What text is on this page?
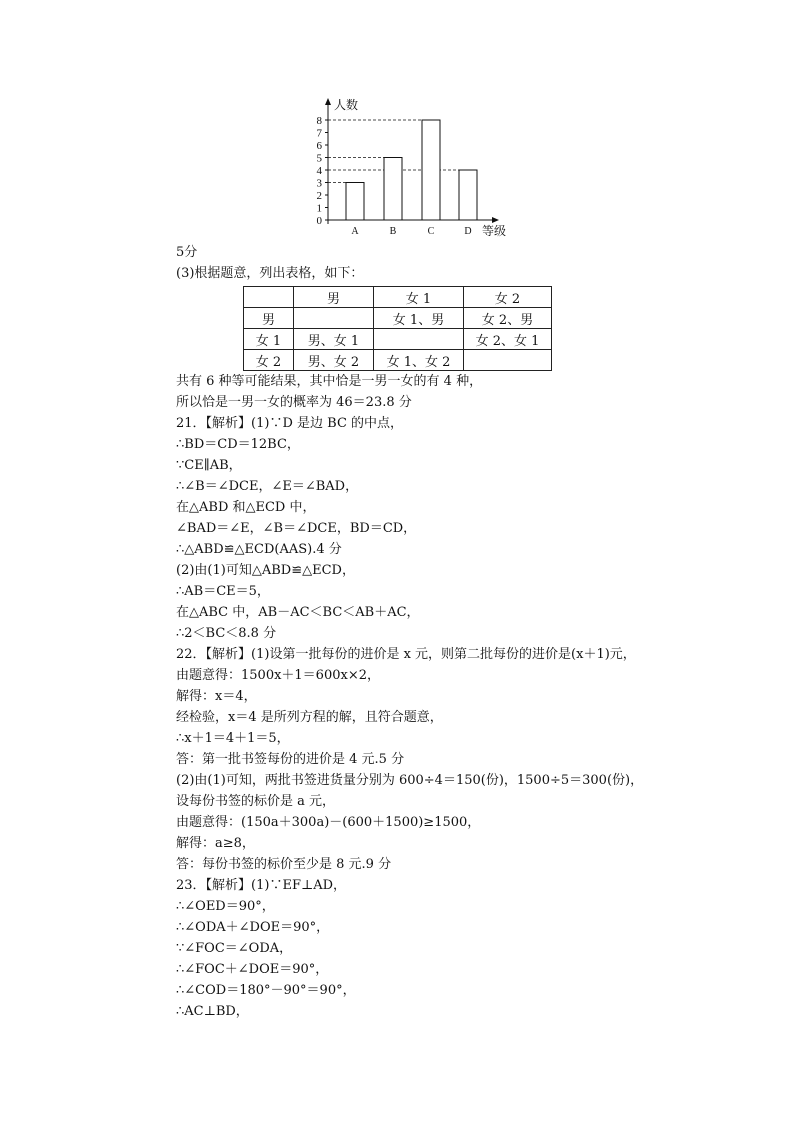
0
1
2
3
4
5
6
7
8
A	B	C	D
人数
等级
5分
(3)根据题意，列出表格，如下：
	男	女 1	女 2
男		女 1、男	女 2、男
女 1	男、女 1		女 2、女 1
女 2	男、女 2	女 1、女 2	
共有 6 种等可能结果，其中恰是一男一女的有 4 种，
所以恰是一男一女的概率为 46＝23.8 分
21．【解析】(1)∵D 是边 BC 的中点，
∴BD＝CD＝12BC，
∵CE∥AB，
∴∠B＝∠DCE，∠E＝∠BAD，
在△ABD 和△ECD 中，
∠BAD＝∠E，∠B＝∠DCE，BD＝CD，
∴△ABD≌△ECD(AAS).4 分
(2)由(1)可知△ABD≌△ECD，
∴AB＝CE＝5，
在△ABC 中，AB－AC＜BC＜AB＋AC，
∴2＜BC＜8.8 分
22．【解析】(1)设第一批每份的进价是 x 元，则第二批每份的进价是(x＋1)元，
由题意得：1500x＋1＝600x×2，
解得：x＝4，
经检验，x＝4 是所列方程的解，且符合题意，
∴x＋1＝4＋1＝5，
答：第一批书签每份的进价是 4 元.5 分
(2)由(1)可知，两批书签进货量分别为 600÷4＝150(份)，1500÷5＝300(份)，
设每份书签的标价是 a 元，
由题意得：(150a＋300a)－(600＋1500)≥1500，
解得：a≥8，
答：每份书签的标价至少是 8 元.9 分
23．【解析】(1)∵EF⊥AD，
∴∠OED＝90°，
∴∠ODA＋∠DOE＝90°，
∵∠FOC＝∠ODA，
∴∠FOC＋∠DOE＝90°，
∴∠COD＝180°－90°＝90°，
∴AC⊥BD，
